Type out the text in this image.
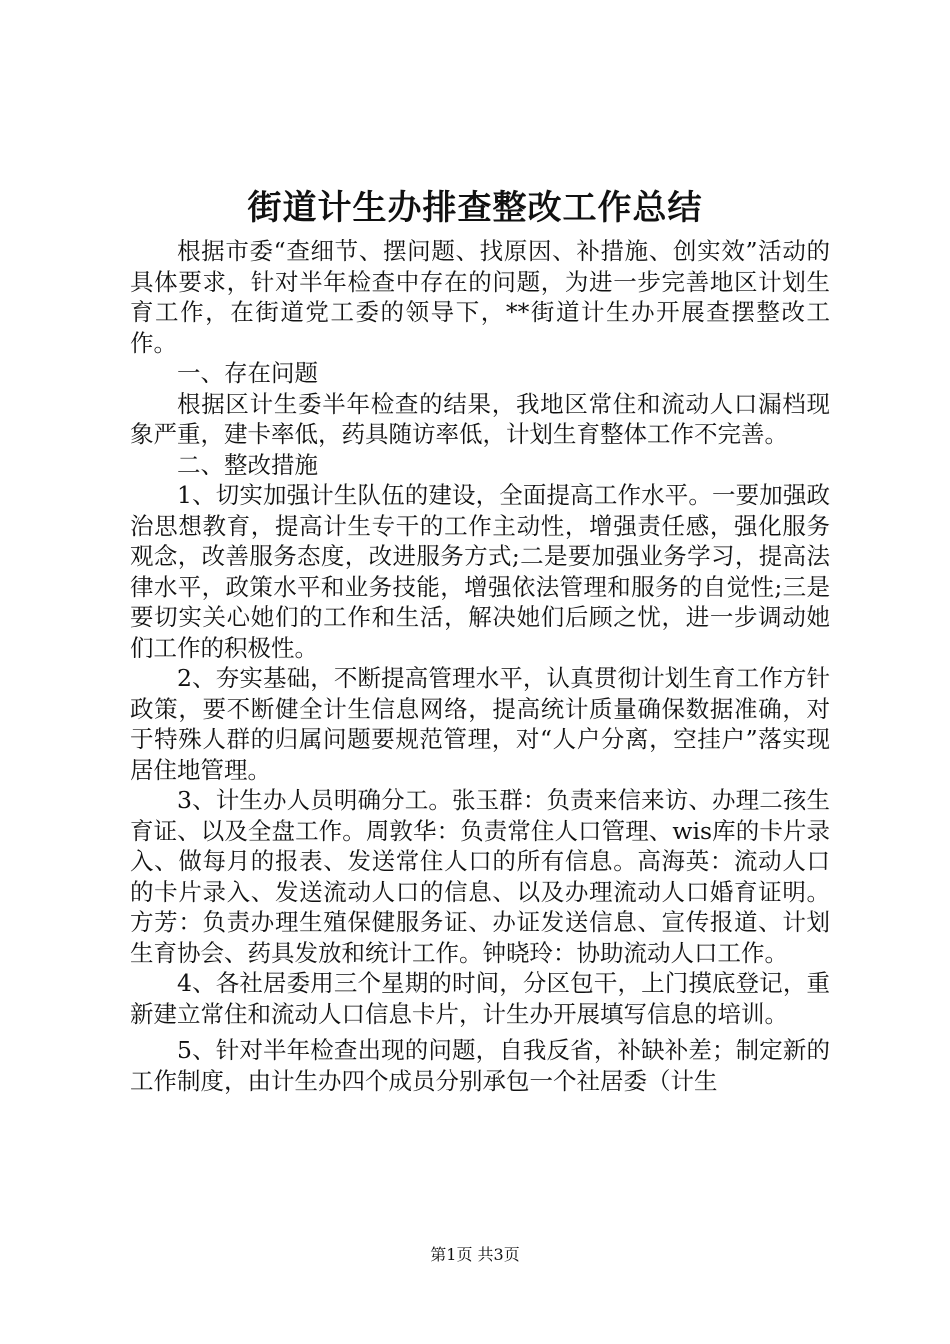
街道计生办排查整改工作总结

根据市委“查细节、摆问题、找原因、补措施、创实效”活动的具体要求，针对半年检查中存在的问题，为进一步完善地区计划生育工作，在街道党工委的领导下，**街道计生办开展查摆整改工作。

一、存在问题

根据区计生委半年检查的结果，我地区常住和流动人口漏档现象严重，建卡率低，药具随访率低，计划生育整体工作不完善。

二、整改措施

1、切实加强计生队伍的建设，全面提高工作水平。一要加强政治思想教育，提高计生专干的工作主动性，增强责任感，强化服务观念，改善服务态度，改进服务方式;二是要加强业务学习，提高法律水平，政策水平和业务技能，增强依法管理和服务的自觉性;三是要切实关心她们的工作和生活，解决她们后顾之忧，进一步调动她们工作的积极性。

2、夯实基础，不断提高管理水平，认真贯彻计划生育工作方针政策，要不断健全计生信息网络，提高统计质量确保数据准确，对于特殊人群的归属问题要规范管理，对“人户分离，空挂户”落实现居住地管理。

3、计生办人员明确分工。张玉群：负责来信来访、办理二孩生育证、以及全盘工作。周敦华：负责常住人口管理、wis库的卡片录入、做每月的报表、发送常住人口的所有信息。高海英：流动人口的卡片录入、发送流动人口的信息、以及办理流动人口婚育证明。方芳：负责办理生殖保健服务证、办证发送信息、宣传报道、计划生育协会、药具发放和统计工作。钟晓玲：协助流动人口工作。

4、各社居委用三个星期的时间，分区包干，上门摸底登记，重新建立常住和流动人口信息卡片，计生办开展填写信息的培训。

5、针对半年检查出现的问题，自我反省，补缺补差；制定新的工作制度，由计生办四个成员分别承包一个社居委（计生

第1页 共3页
